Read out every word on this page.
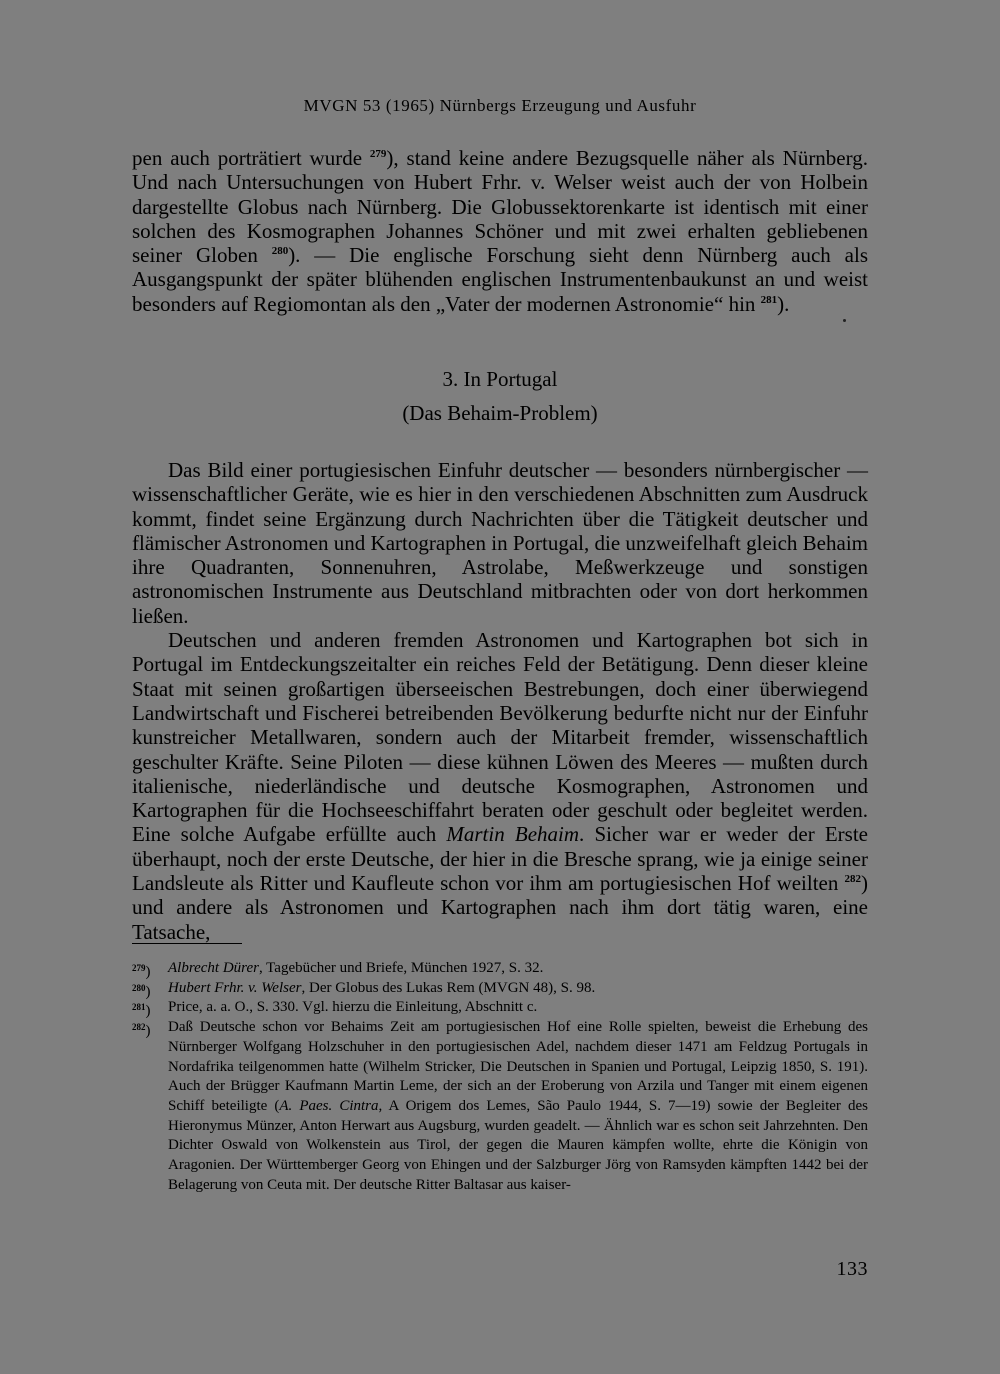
MVGN 53 (1965) Nürnbergs Erzeugung und Ausfuhr

pen auch porträtiert wurde $^{279}$), stand keine andere Bezugsquelle näher als Nürnberg. Und nach Untersuchungen von Hubert Frhr. v. Welser weist auch der von Holbein dargestellte Globus nach Nürnberg. Die Globussektorenkarte ist identisch mit einer solchen des Kosmographen Johannes Schöner und mit zwei erhalten gebliebenen seiner Globen $^{280}$). — Die englische Forschung sieht denn Nürnberg auch als Ausgangspunkt der später blühenden englischen Instrumentenbaukunst an und weist besonders auf Regiomontan als den „Vater der modernen Astronomie“ hin $^{281}$).

3. In Portugal
(Das Behaim-Problem)

Das Bild einer portugiesischen Einfuhr deutscher — besonders nürnbergischer — wissenschaftlicher Geräte, wie es hier in den verschiedenen Abschnitten zum Ausdruck kommt, findet seine Ergänzung durch Nachrichten über die Tätigkeit deutscher und flämischer Astronomen und Kartographen in Portugal, die unzweifelhaft gleich Behaim ihre Quadranten, Sonnenuhren, Astrolabe, Meßwerkzeuge und sonstigen astronomischen Instrumente aus Deutschland mitbrachten oder von dort herkommen ließen.

Deutschen und anderen fremden Astronomen und Kartographen bot sich in Portugal im Entdeckungszeitalter ein reiches Feld der Betätigung. Denn dieser kleine Staat mit seinen großartigen überseeischen Bestrebungen, doch einer überwiegend Landwirtschaft und Fischerei betreibenden Bevölkerung bedurfte nicht nur der Einfuhr kunstreicher Metallwaren, sondern auch der Mitarbeit fremder, wissenschaftlich geschulter Kräfte. Seine Piloten — diese kühnen Löwen des Meeres — mußten durch italienische, niederländische und deutsche Kosmographen, Astronomen und Kartographen für die Hochseeschiffahrt beraten oder geschult oder begleitet werden. Eine solche Aufgabe erfüllte auch Martin Behaim. Sicher war er weder der Erste überhaupt, noch der erste Deutsche, der hier in die Bresche sprang, wie ja einige seiner Landsleute als Ritter und Kaufleute schon vor ihm am portugiesischen Hof weilten $^{282}$) und andere als Astronomen und Kartographen nach ihm dort tätig waren, eine Tatsache,

$^{279}$) Albrecht Dürer, Tagebücher und Briefe, München 1927, S. 32.
$^{280}$) Hubert Frhr. v. Welser, Der Globus des Lukas Rem (MVGN 48), S. 98.
$^{281}$) Price, a. a. O., S. 330. Vgl. hierzu die Einleitung, Abschnitt c.
$^{282}$) Daß Deutsche schon vor Behaims Zeit am portugiesischen Hof eine Rolle spielten, beweist die Erhebung des Nürnberger Wolfgang Holzschuher in den portugiesischen Adel, nachdem dieser 1471 am Feldzug Portugals in Nordafrika teilgenommen hatte (Wilhelm Stricker, Die Deutschen in Spanien und Portugal, Leipzig 1850, S. 191). Auch der Brügger Kaufmann Martin Leme, der sich an der Eroberung von Arzila und Tanger mit einem eigenen Schiff beteiligte (A. Paes. Cintra, A Origem dos Lemes, São Paulo 1944, S. 7—19) sowie der Begleiter des Hieronymus Münzer, Anton Herwart aus Augsburg, wurden geadelt. — Ähnlich war es schon seit Jahrzehnten. Den Dichter Oswald von Wolkenstein aus Tirol, der gegen die Mauren kämpfen wollte, ehrte die Königin von Aragonien. Der Württemberger Georg von Ehingen und der Salzburger Jörg von Ramsyden kämpften 1442 bei der Belagerung von Ceuta mit. Der deutsche Ritter Baltasar aus kaiser-
133
